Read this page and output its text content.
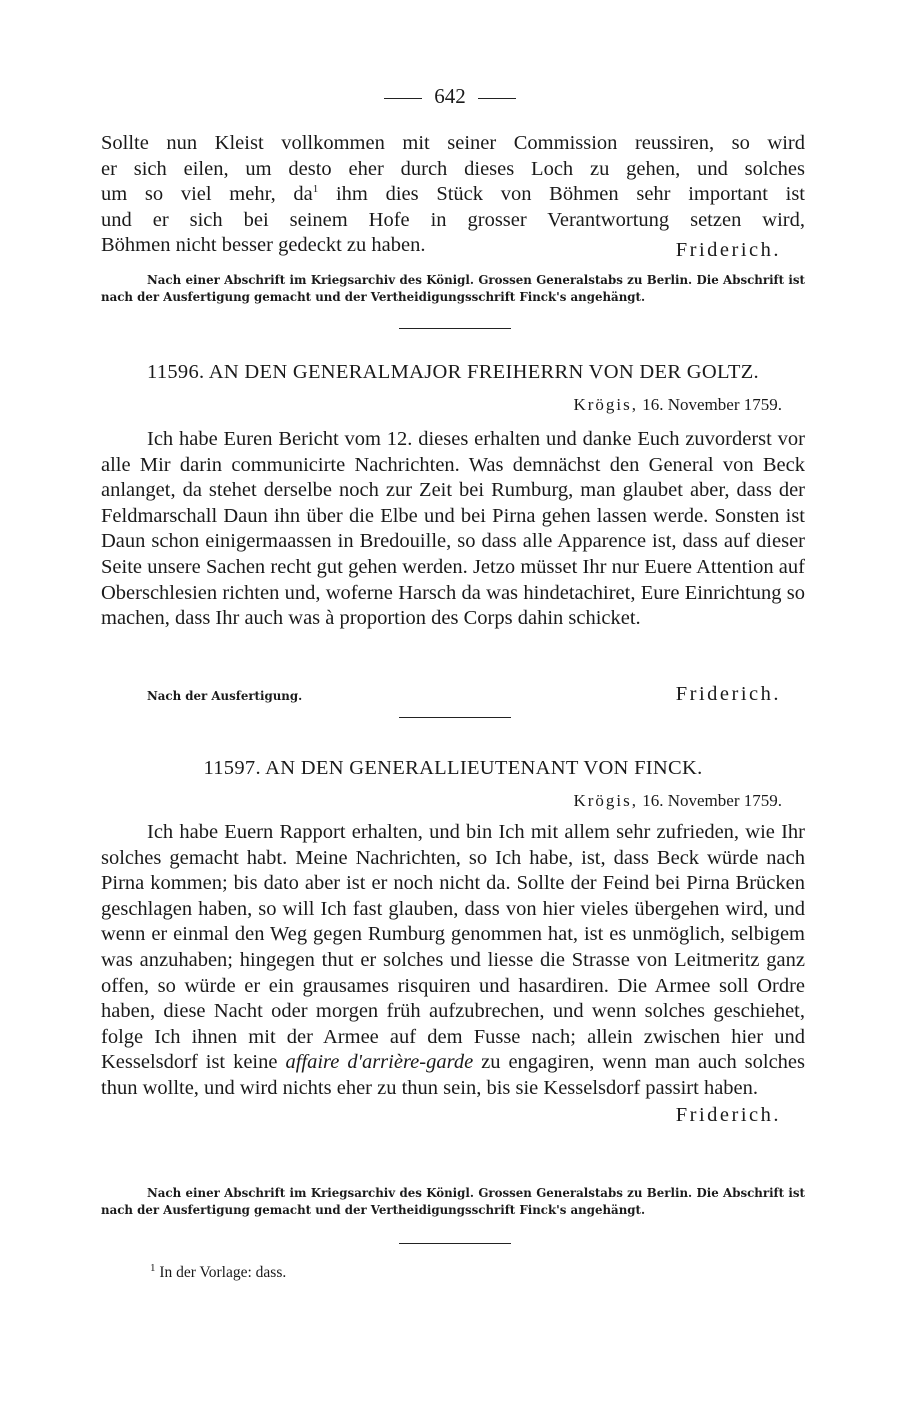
642
Sollte nun Kleist vollkommen mit seiner Commission reussiren, so wird
er sich eilen, um desto eher durch dieses Loch zu gehen, und solches
um so viel mehr, $da^1$ ihm dies Stück von Böhmen sehr important ist
und er sich bei seinem Hofe in grosser Verantwortung setzen wird,
Böhmen nicht besser gedeckt zu haben.	Friderich.

Nach einer Abschrift im Kriegsarchiv des Königl. Grossen Generalstabs zu Berlin. Die Abschrift ist nach der Ausfertigung gemacht und der Vertheidigungsschrift Finck's angehängt.

11596. AN DEN GENERALMAJOR FREIHERRN VON DER GOLTZ.
Krögis, 16. November 1759.

Ich habe Euren Bericht vom 12. dieses erhalten und danke Euch zuvorderst vor alle Mir darin communicirte Nachrichten. Was demnächst den General von Beck anlanget, da stehet derselbe noch zur Zeit bei Rumburg, man glaubet aber, dass der Feldmarschall Daun ihn über die Elbe und bei Pirna gehen lassen werde. Sonsten ist Daun schon einigermaassen in Bredouille, so dass alle Apparence ist, dass auf dieser Seite unsere Sachen recht gut gehen werden. Jetzo müsset Ihr nur Euere Attention auf Oberschlesien richten und, woferne Harsch da was hindetachiret, Eure Einrichtung so machen, dass Ihr auch was à proportion des Corps dahin schicket.

Nach der Ausfertigung.	Friderich.
11597. AN DEN GENERALLIEUTENANT VON FINCK.
Krögis, 16. November 1759.

Ich habe Euern Rapport erhalten, und bin Ich mit allem sehr zufrieden, wie Ihr solches gemacht habt. Meine Nachrichten, so Ich habe, ist, dass Beck würde nach Pirna kommen; bis dato aber ist er noch nicht da. Sollte der Feind bei Pirna Brücken geschlagen haben, so will Ich fast glauben, dass von hier vieles übergehen wird, und wenn er einmal den Weg gegen Rumburg genommen hat, ist es unmöglich, selbigem was anzuhaben; hingegen thut er solches und liesse die Strasse von Leitmeritz ganz offen, so würde er ein grausames risquiren und hasardiren. Die Armee soll Ordre haben, diese Nacht oder morgen früh aufzubrechen, und wenn solches geschiehet, folge Ich ihnen mit der Armee auf dem Fusse nach; allein zwischen hier und Kesselsdorf ist keine affaire d'arrière-garde zu engagiren, wenn man auch solches thun wollte, und wird nichts eher zu thun sein, bis sie Kesselsdorf passirt haben.

Friderich.

Nach einer Abschrift im Kriegsarchiv des Königl. Grossen Generalstabs zu Berlin. Die Abschrift ist nach der Ausfertigung gemacht und der Vertheidigungsschrift Finck's angehängt.

$^1$ In der Vorlage: dass.
